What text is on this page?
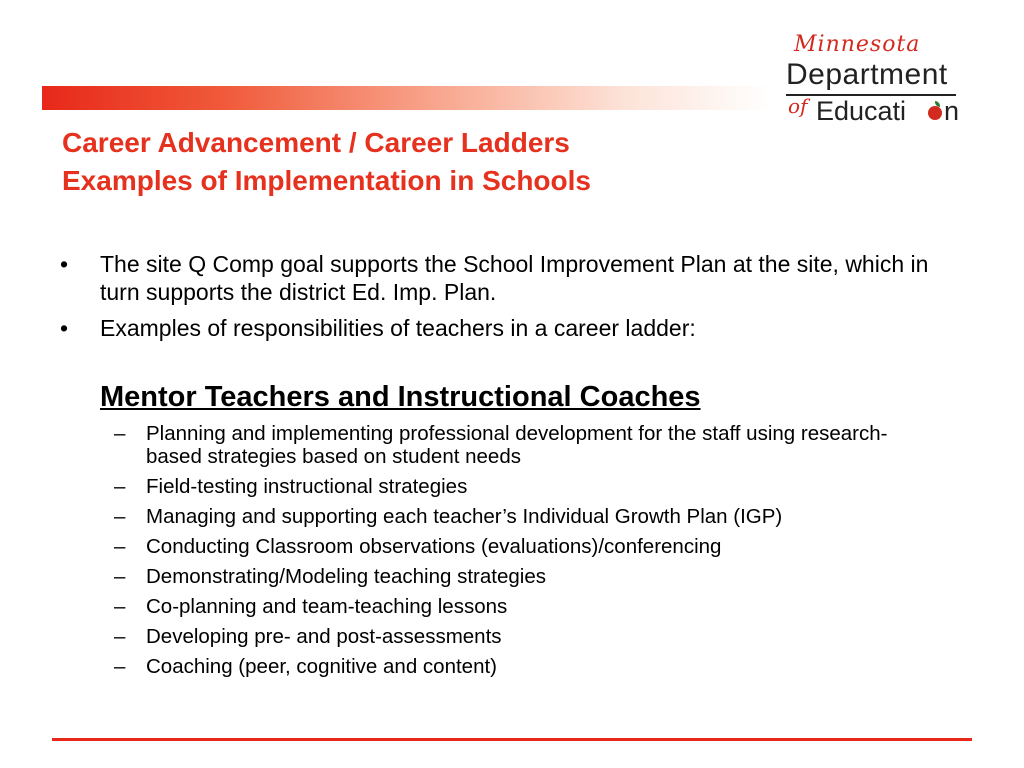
Minnesota
Department
of Educati n
Career Advancement / Career Ladders
Examples of Implementation in Schools
• The site Q Comp goal supports the School Improvement Plan at the site, which in turn supports the district Ed. Imp. Plan.
• Examples of responsibilities of teachers in a career ladder:
Mentor Teachers and Instructional Coaches
– Planning and implementing professional development for the staff using research-based strategies based on student needs
– Field-testing instructional strategies
– Managing and supporting each teacher’s Individual Growth Plan (IGP)
– Conducting Classroom observations (evaluations)/conferencing
– Demonstrating/Modeling teaching strategies
– Co-planning and team-teaching lessons
– Developing pre- and post-assessments
– Coaching (peer, cognitive and content)
